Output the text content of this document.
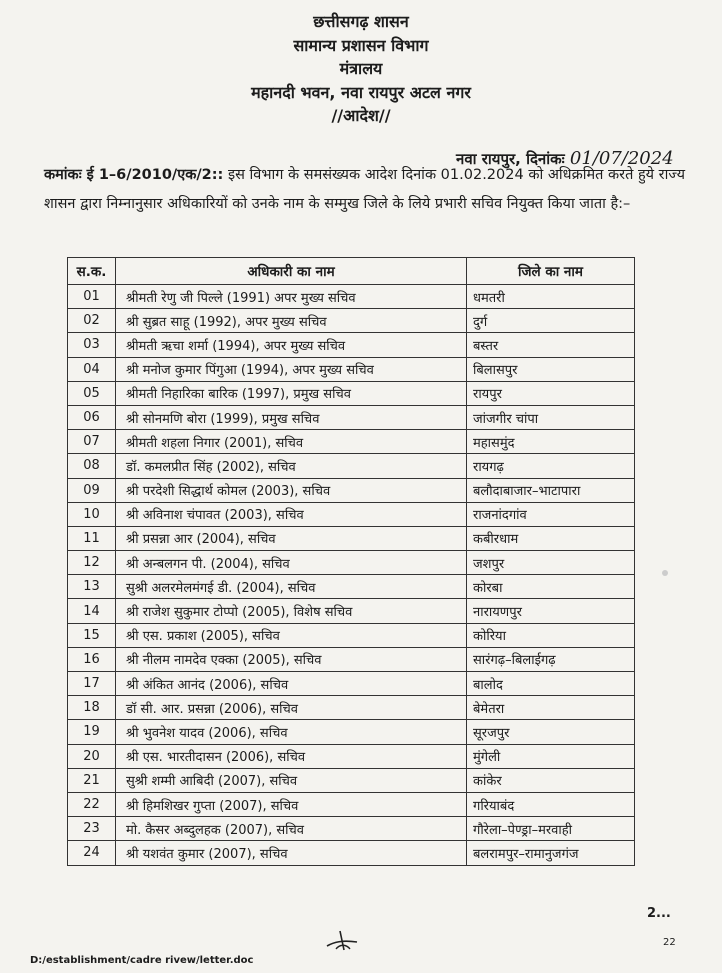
छत्तीसगढ़ शासन
सामान्य प्रशासन विभाग
मंत्रालय
महानदी भवन, नवा रायपुर अटल नगर
//आदेश//
नवा रायपुर, दिनांकः 01/07/2024
कमांकः ई 1–6/2010/एक/2:: इस विभाग के समसंख्यक आदेश दिनांक 01.02.2024 को अधिक्रमित करते हुये राज्य शासन द्वारा निम्नानुसार अधिकारियों को उनके नाम के सम्मुख जिले के लिये प्रभारी सचिव नियुक्त किया जाता है:–
स.क.	अधिकारी का नाम	जिले का नाम
01	श्रीमती रेणु जी पिल्ले (1991) अपर मुख्य सचिव	धमतरी
02	श्री सुब्रत साहू (1992), अपर मुख्य सचिव	दुर्ग
03	श्रीमती ऋचा शर्मा (1994), अपर मुख्य सचिव	बस्तर
04	श्री मनोज कुमार पिंगुआ (1994), अपर मुख्य सचिव	बिलासपुर
05	श्रीमती निहारिका बारिक (1997), प्रमुख सचिव	रायपुर
06	श्री सोनमणि बोरा (1999), प्रमुख सचिव	जांजगीर चांपा
07	श्रीमती शहला निगार (2001), सचिव	महासमुंद
08	डॉ. कमलप्रीत सिंह (2002), सचिव	रायगढ़
09	श्री परदेशी सिद्धार्थ कोमल (2003), सचिव	बलौदाबाजार–भाटापारा
10	श्री अविनाश चंपावत (2003), सचिव	राजनांदगांव
11	श्री प्रसन्ना आर (2004), सचिव	कबीरधाम
12	श्री अन्बलगन पी. (2004), सचिव	जशपुर
13	सुश्री अलरमेलमंगई डी. (2004), सचिव	कोरबा
14	श्री राजेश सुकुमार टोप्पो (2005), विशेष सचिव	नारायणपुर
15	श्री एस. प्रकाश (2005), सचिव	कोरिया
16	श्री नीलम नामदेव एक्का (2005), सचिव	सारंगढ़–बिलाईगढ़
17	श्री अंकित आनंद (2006), सचिव	बालोद
18	डॉ सी. आर. प्रसन्ना (2006), सचिव	बेमेतरा
19	श्री भुवनेश यादव (2006), सचिव	सूरजपुर
20	श्री एस. भारतीदासन (2006), सचिव	मुंगेली
21	सुश्री शम्मी आबिदी (2007), सचिव	कांकेर
22	श्री हिमशिखर गुप्ता (2007), सचिव	गरियाबंद
23	मो. कैसर अब्दुलहक (2007), सचिव	गौरेला–पेण्ड्रा–मरवाही
24	श्री यशवंत कुमार (2007), सचिव	बलरामपुर–रामानुजगंज
2...
22
D:/establishment/cadre rivew/letter.doc
